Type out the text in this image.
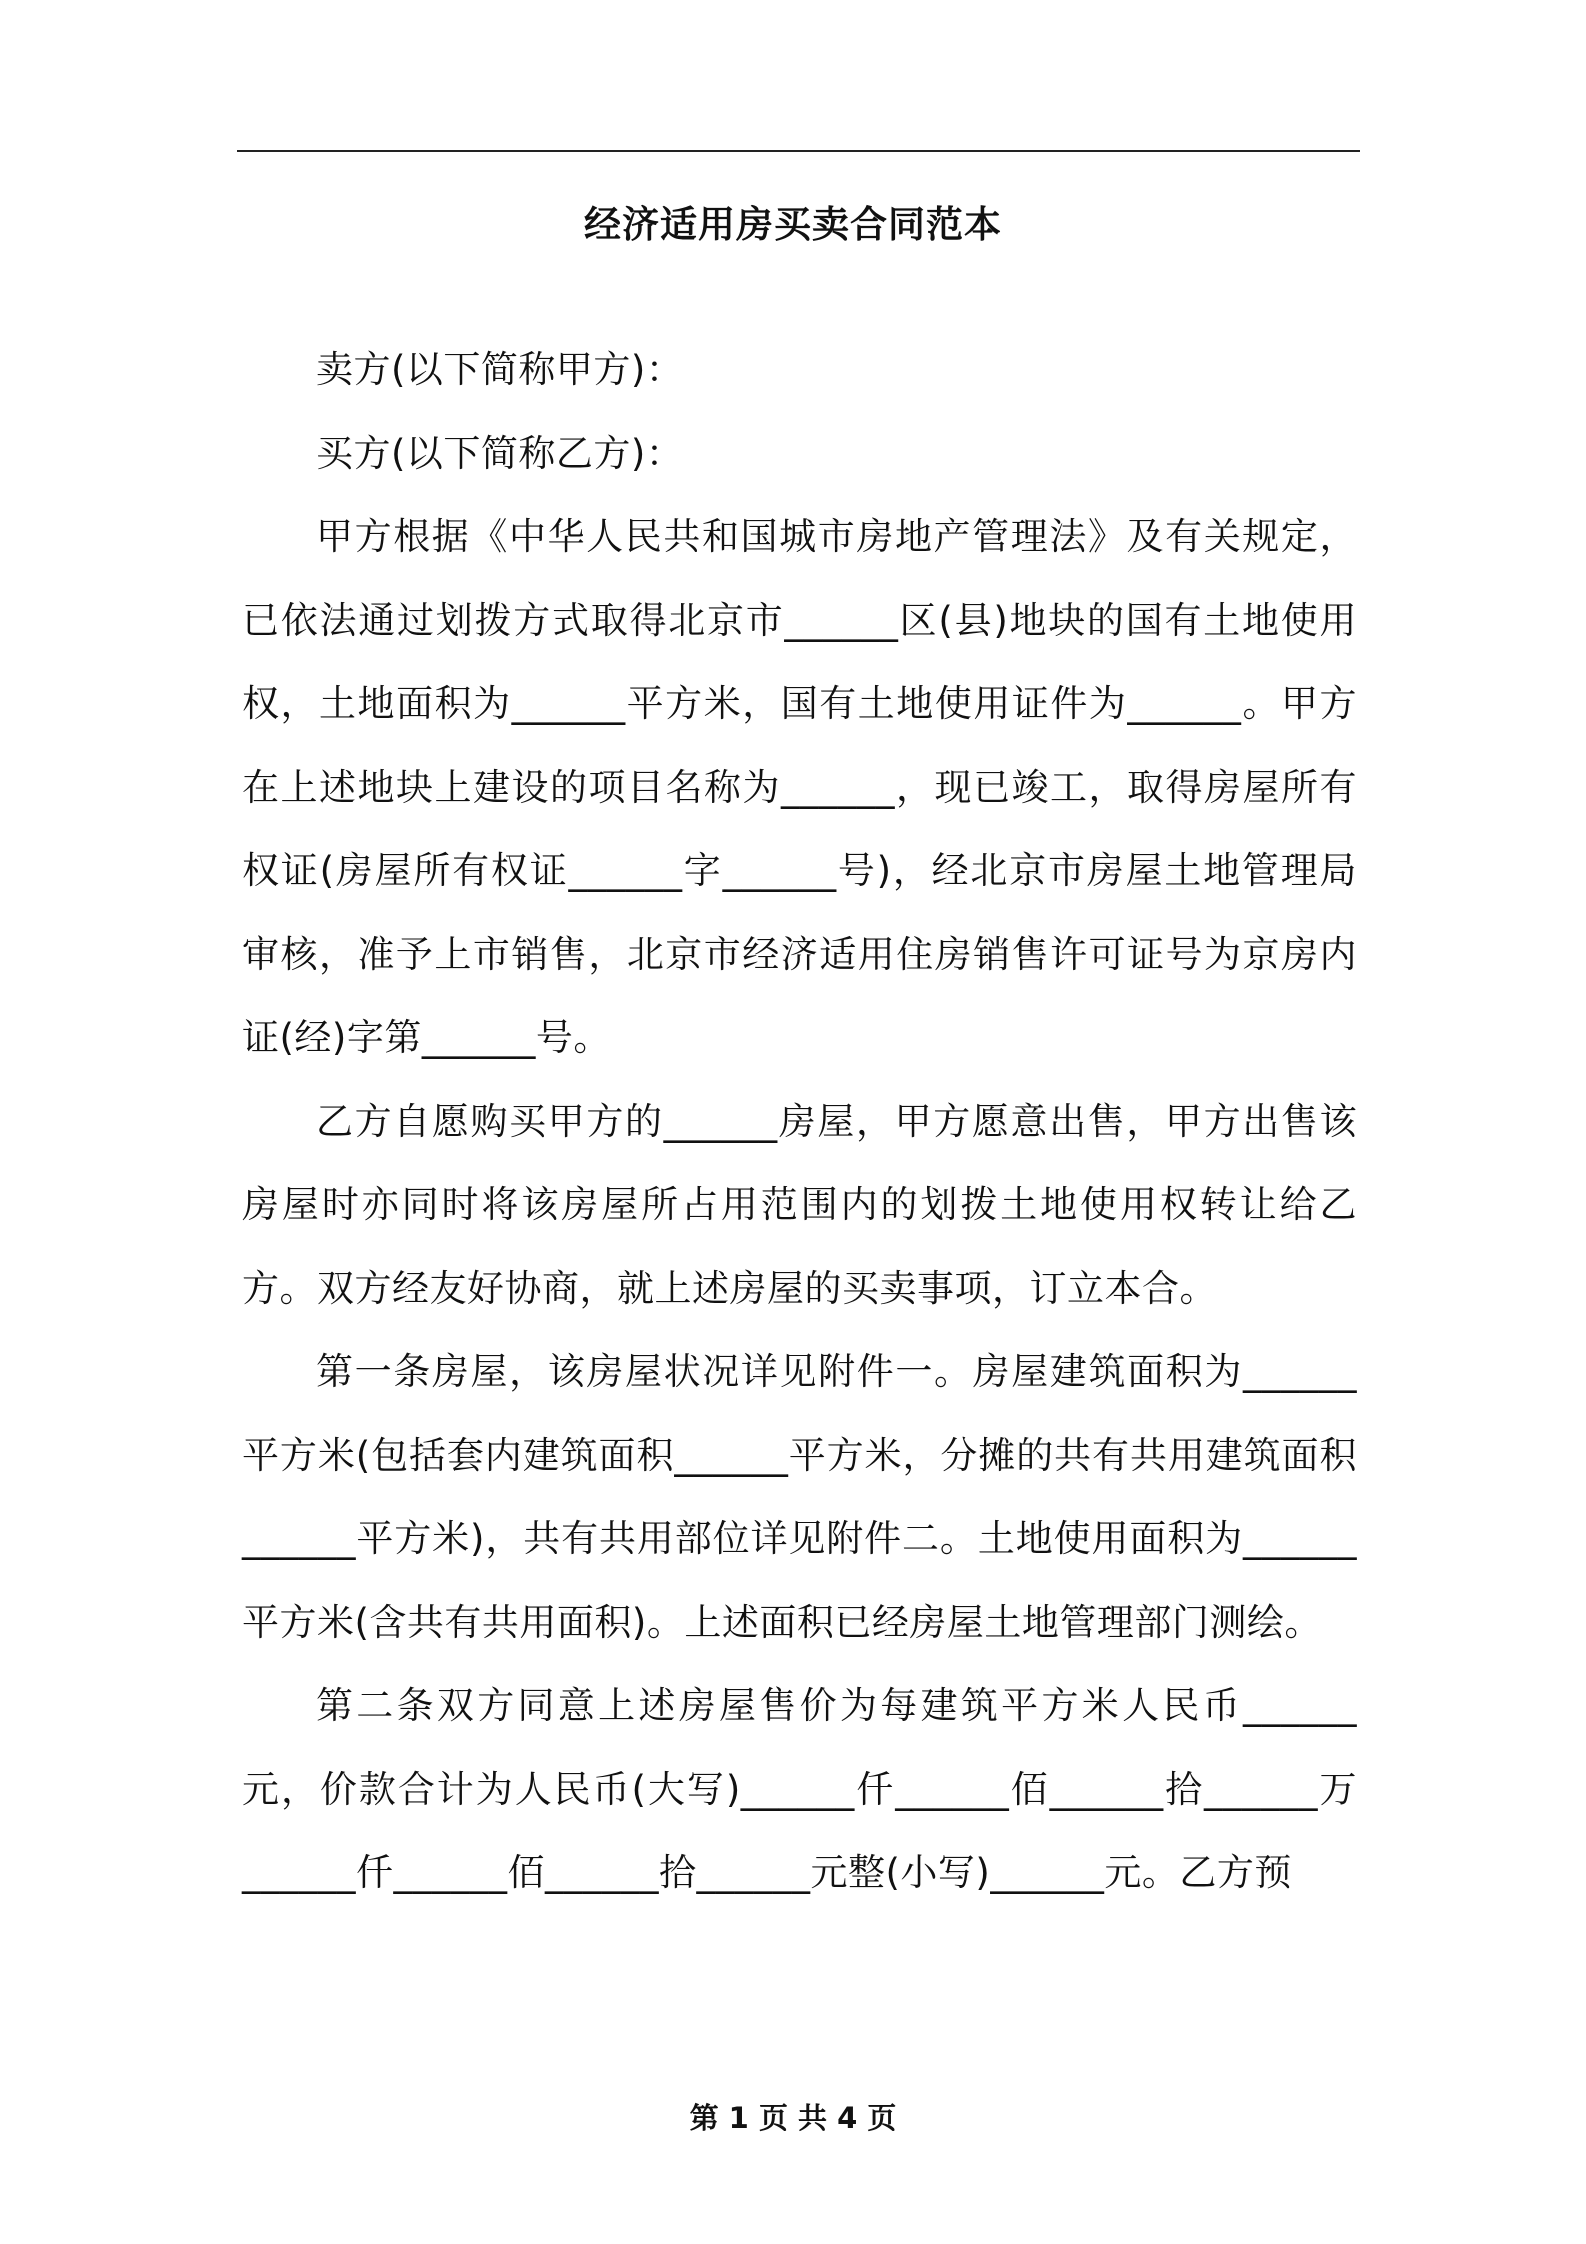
经济适用房买卖合同范本

卖方(以下简称甲方)：

买方(以下简称乙方)：

甲方根据《中华人民共和国城市房地产管理法》及有关规定，已依法通过划拨方式取得北京市______区(县)地块的国有土地使用权，土地面积为______平方米，国有土地使用证件为______。甲方在上述地块上建设的项目名称为______，现已竣工，取得房屋所有权证(房屋所有权证______字______号)，经北京市房屋土地管理局审核，准予上市销售，北京市经济适用住房销售许可证号为京房内证(经)字第______号。

乙方自愿购买甲方的______房屋，甲方愿意出售，甲方出售该房屋时亦同时将该房屋所占用范围内的划拨土地使用权转让给乙方。双方经友好协商，就上述房屋的买卖事项，订立本合。

第一条房屋，该房屋状况详见附件一。房屋建筑面积为______平方米(包括套内建筑面积______平方米，分摊的共有共用建筑面积______平方米)，共有共用部位详见附件二。土地使用面积为______平方米(含共有共用面积)。上述面积已经房屋土地管理部门测绘。

第二条双方同意上述房屋售价为每建筑平方米人民币______元，价款合计为人民币(大写)______仟______佰______拾______万______仟______佰______拾______元整(小写)______元。乙方预

第 1 页 共 4 页
